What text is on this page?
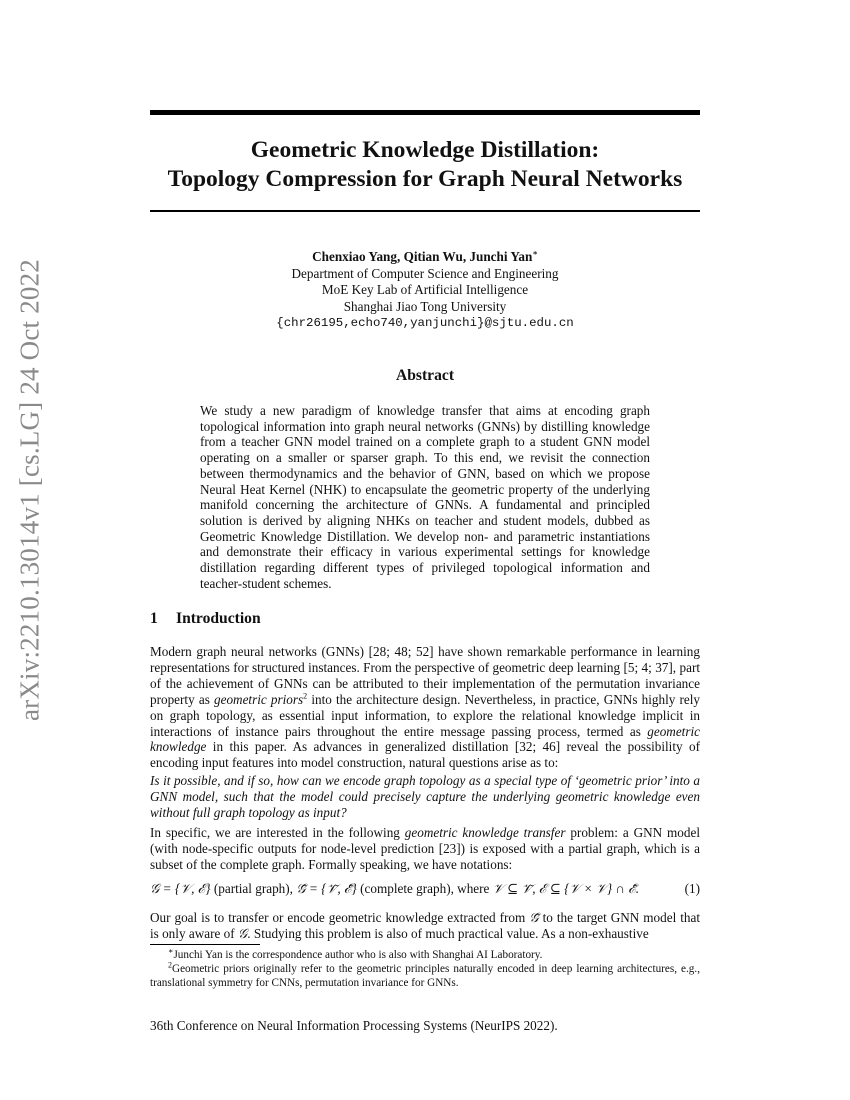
arXiv:2210.13014v1 [cs.LG] 24 Oct 2022
Geometric Knowledge Distillation:
Topology Compression for Graph Neural Networks
Chenxiao Yang, Qitian Wu, Junchi Yan∗
Department of Computer Science and Engineering
MoE Key Lab of Artificial Intelligence
Shanghai Jiao Tong University
{chr26195,echo740,yanjunchi}@sjtu.edu.cn
Abstract
We study a new paradigm of knowledge transfer that aims at encoding graph topological information into graph neural networks (GNNs) by distilling knowledge from a teacher GNN model trained on a complete graph to a student GNN model operating on a smaller or sparser graph. To this end, we revisit the connection between thermodynamics and the behavior of GNN, based on which we propose Neural Heat Kernel (NHK) to encapsulate the geometric property of the underlying manifold concerning the architecture of GNNs. A fundamental and principled solution is derived by aligning NHKs on teacher and student models, dubbed as Geometric Knowledge Distillation. We develop non- and parametric instantiations and demonstrate their efficacy in various experimental settings for knowledge distillation regarding different types of privileged topological information and teacher-student schemes.
1 Introduction
Modern graph neural networks (GNNs) [28; 48; 52] have shown remarkable performance in learning representations for structured instances. From the perspective of geometric deep learning [5; 4; 37], part of the achievement of GNNs can be attributed to their implementation of the permutation invariance property as geometric priors$^2$ into the architecture design. Nevertheless, in practice, GNNs highly rely on graph topology, as essential input information, to explore the relational knowledge implicit in interactions of instance pairs throughout the entire message passing process, termed as geometric knowledge in this paper. As advances in generalized distillation [32; 46] reveal the possibility of encoding input features into model construction, natural questions arise as to:
Is it possible, and if so, how can we encode graph topology as a special type of ‘geometric prior’ into a GNN model, such that the model could precisely capture the underlying geometric knowledge even without full graph topology as input?
In specific, we are interested in the following geometric knowledge transfer problem: a GNN model (with node-specific outputs for node-level prediction [23]) is exposed with a partial graph, which is a subset of the complete graph. Formally speaking, we have notations:
𝒢 = {𝒱, ℰ} (partial graph), 𝒢̃ = {𝒱̃, ℰ̃} (complete graph), where 𝒱 ⊆ 𝒱̃, ℰ ⊆ {𝒱 × 𝒱} ∩ ℰ̃.	(1)
Our goal is to transfer or encode geometric knowledge extracted from 𝒢̃ to the target GNN model that is only aware of 𝒢. Studying this problem is also of much practical value. As a non-exhaustive
∗Junchi Yan is the correspondence author who is also with Shanghai AI Laboratory.
$^2$Geometric priors originally refer to the geometric principles naturally encoded in deep learning architectures, e.g., translational symmetry for CNNs, permutation invariance for GNNs.
36th Conference on Neural Information Processing Systems (NeurIPS 2022).
